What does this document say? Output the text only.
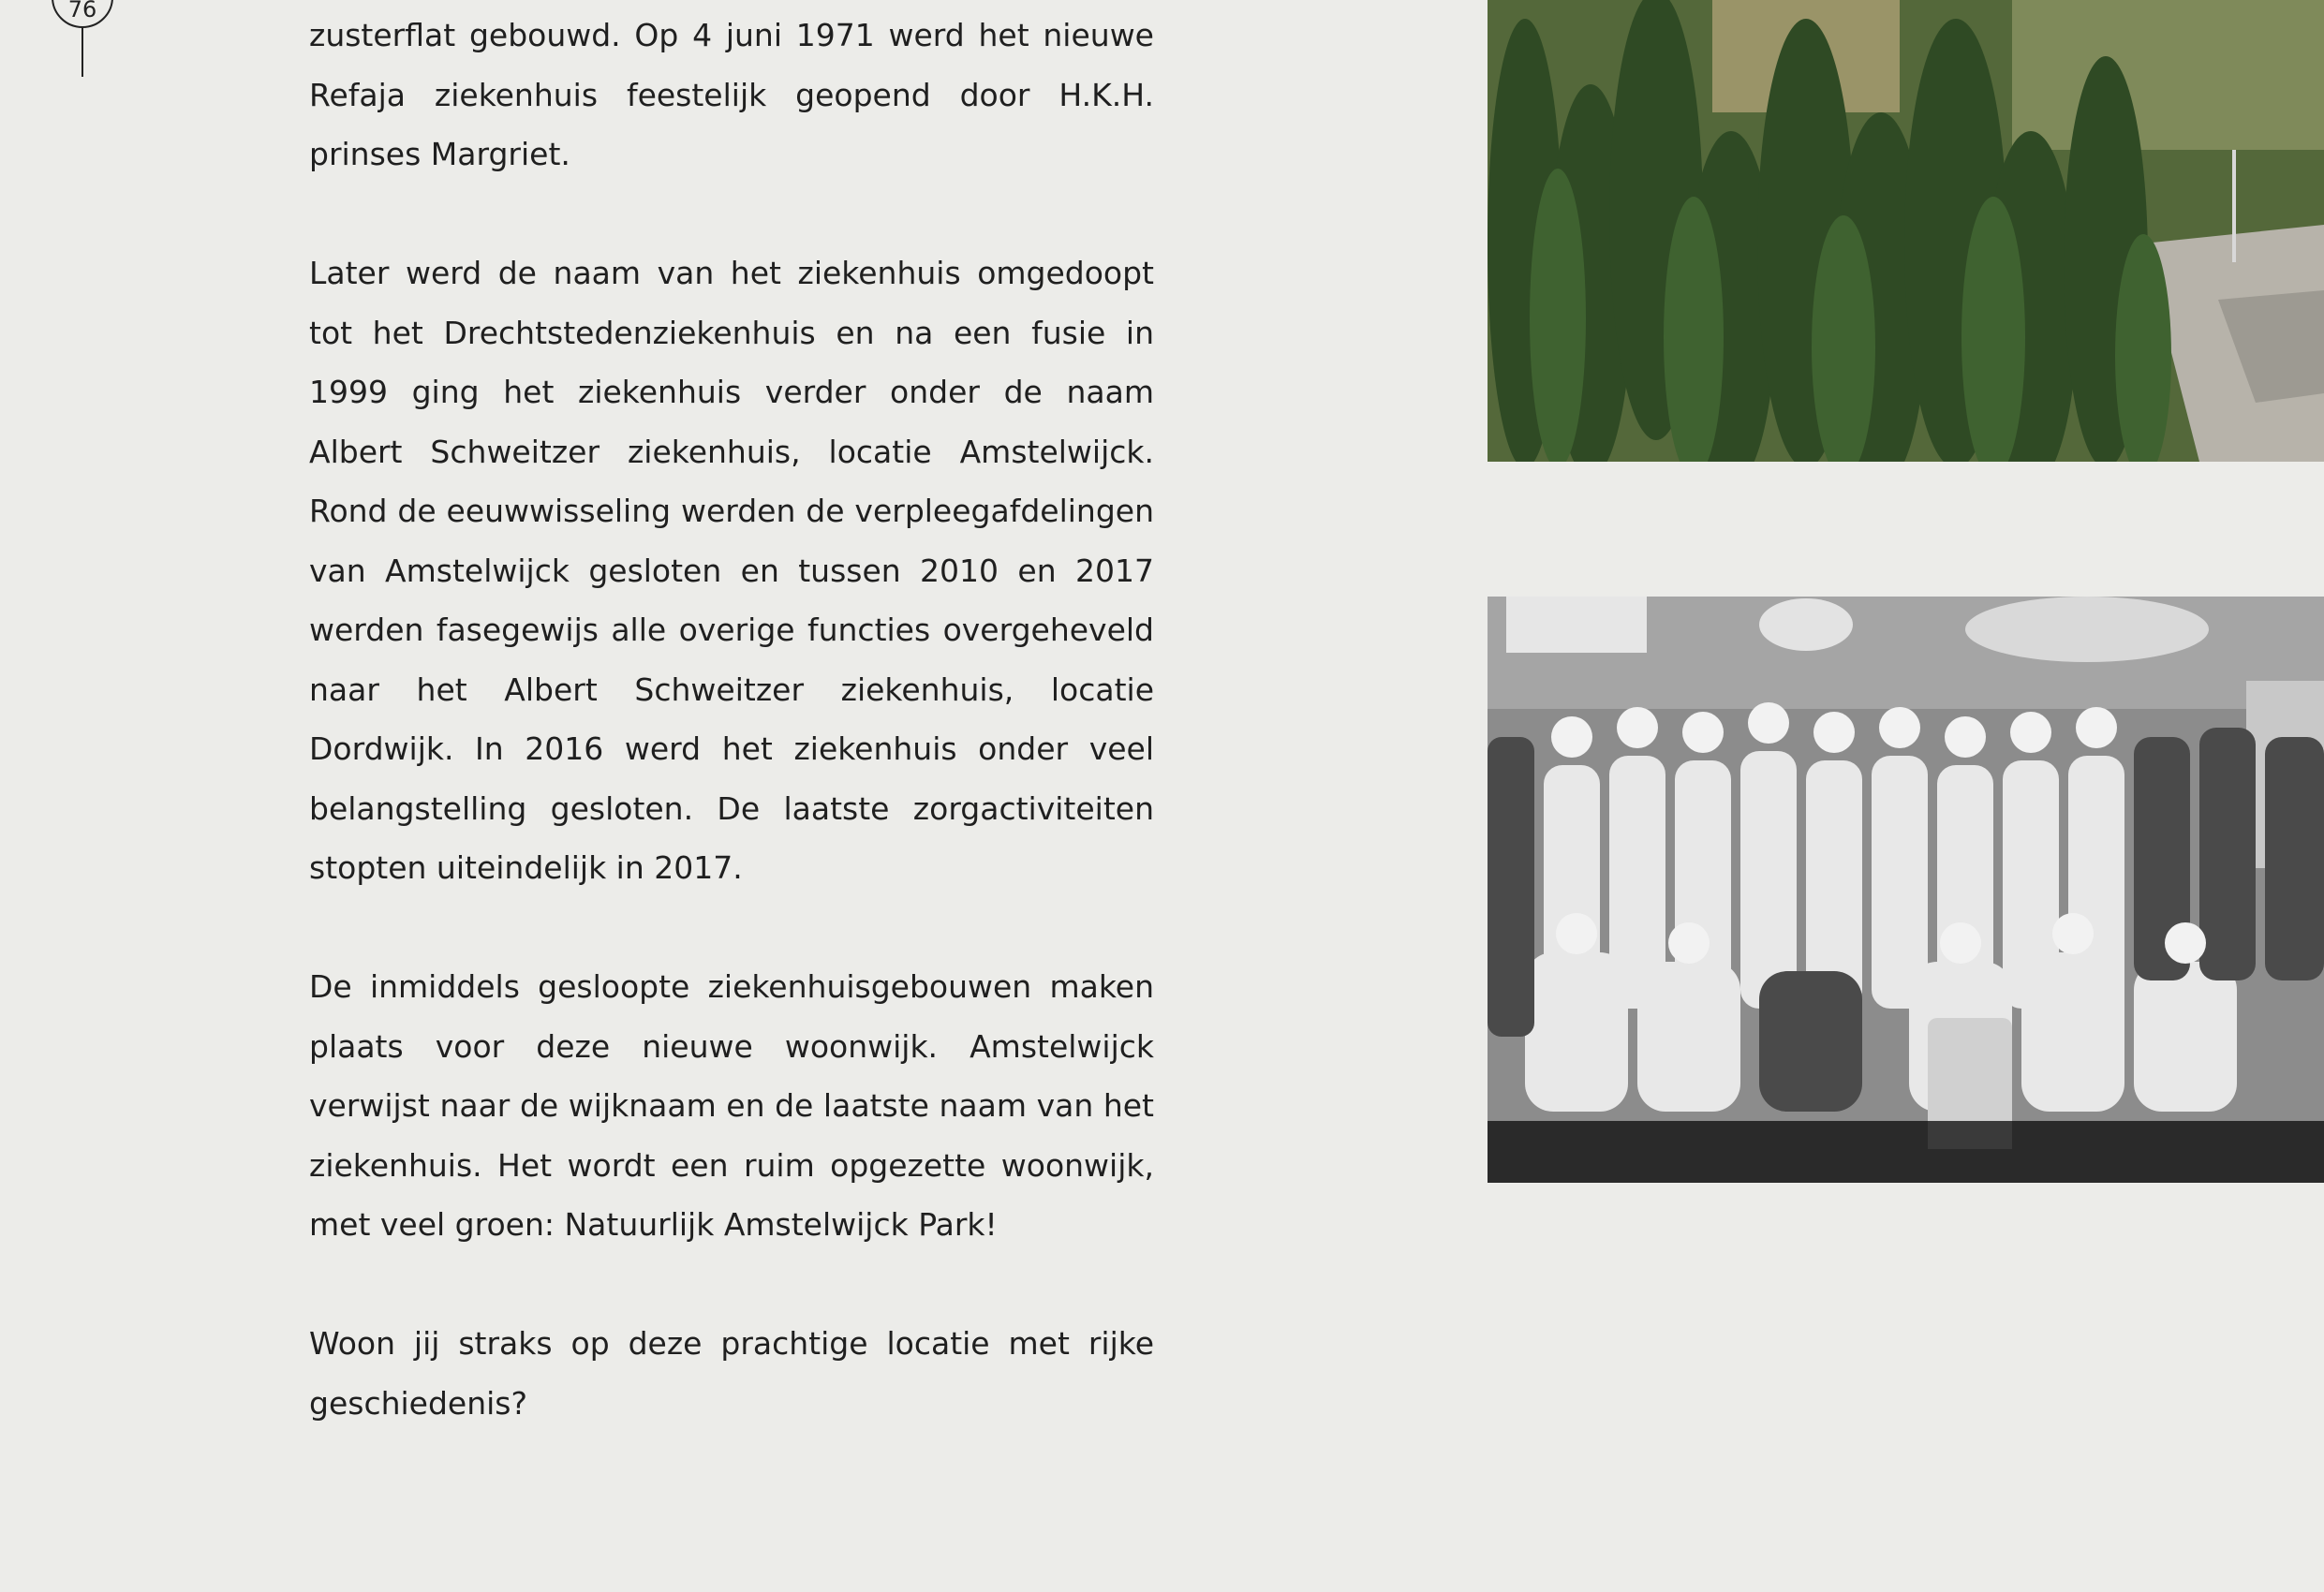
76

zusterflat gebouwd. Op 4 juni 1971 werd het nieuwe Refaja ziekenhuis feestelijk geopend door H.K.H. prinses Margriet.

Later werd de naam van het ziekenhuis omgedoopt tot het Drechtstedenziekenhuis en na een fusie in 1999 ging het ziekenhuis verder onder de naam Albert Schweitzer ziekenhuis, locatie Amstelwijck. Rond de eeuwwisseling werden de verpleegafdelingen van Amstelwijck gesloten en tussen 2010 en 2017 werden fasegewijs alle overige functies overgeheveld naar het Albert Schweitzer ziekenhuis, locatie Dordwijk. In 2016 werd het ziekenhuis onder veel belangstelling gesloten. De laatste zorgactiviteiten stopten uiteindelijk in 2017.

De inmiddels gesloopte ziekenhuisgebouwen maken plaats voor deze nieuwe woonwijk. Amstelwijck verwijst naar de wijknaam en de laatste naam van het ziekenhuis. Het wordt een ruim opgezette woonwijk, met veel groen: Natuurlijk Amstelwijck Park!

Woon jij straks op deze prachtige locatie met rijke geschiedenis?
